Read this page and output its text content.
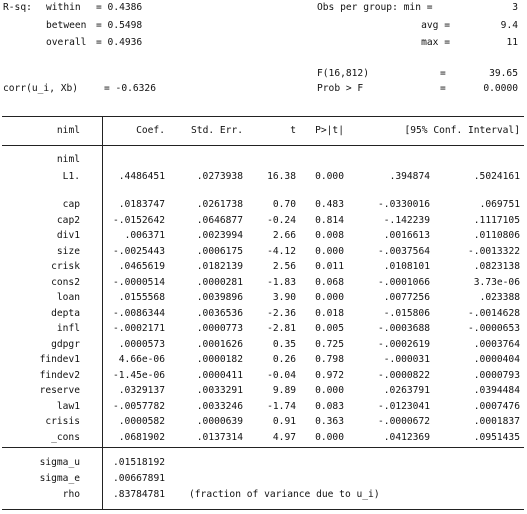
R-sq: within = 0.4386
between = 0.5498
overall = 0.4936
Obs per group: min =	3
avg =	9.4
max =	11
F(16,812)	=	39.65
corr(u_i, Xb)	= -0.6326	Prob > F	=	0.0000
niml	Coef.	Std. Err.	t	P>|t|	[95% Conf. Interval]
niml
L1.	.4486451	.0273938	16.38	0.000	.394874	.5024161
cap	.0183747	.0261738	0.70	0.483	-.0330016	.069751
cap2	-.0152642	.0646877	-0.24	0.814	-.142239	.1117105
div1	.006371	.0023994	2.66	0.008	.0016613	.0110806
size	-.0025443	.0006175	-4.12	0.000	-.0037564	-.0013322
crisk	.0465619	.0182139	2.56	0.011	.0108101	.0823138
cons2	-.0000514	.0000281	-1.83	0.068	-.0001066	3.73e-06
loan	.0155568	.0039896	3.90	0.000	.0077256	.023388
depta	-.0086344	.0036536	-2.36	0.018	-.015806	-.0014628
infl	-.0002171	.0000773	-2.81	0.005	-.0003688	-.0000653
gdpgr	.0000573	.0001626	0.35	0.725	-.0002619	.0003764
findev1	4.66e-06	.0000182	0.26	0.798	-.000031	.0000404
findev2	-1.45e-06	.0000411	-0.04	0.972	-.0000822	.0000793
reserve	.0329137	.0033291	9.89	0.000	.0263791	.0394484
law1	-.0057782	.0033246	-1.74	0.083	-.0123041	.0007476
crisis	.0000582	.0000639	0.91	0.363	-.0000672	.0001837
_cons	.0681902	.0137314	4.97	0.000	.0412369	.0951435
sigma_u	.01518192
sigma_e	.00667891
rho	.83784781	(fraction of variance due to u_i)
